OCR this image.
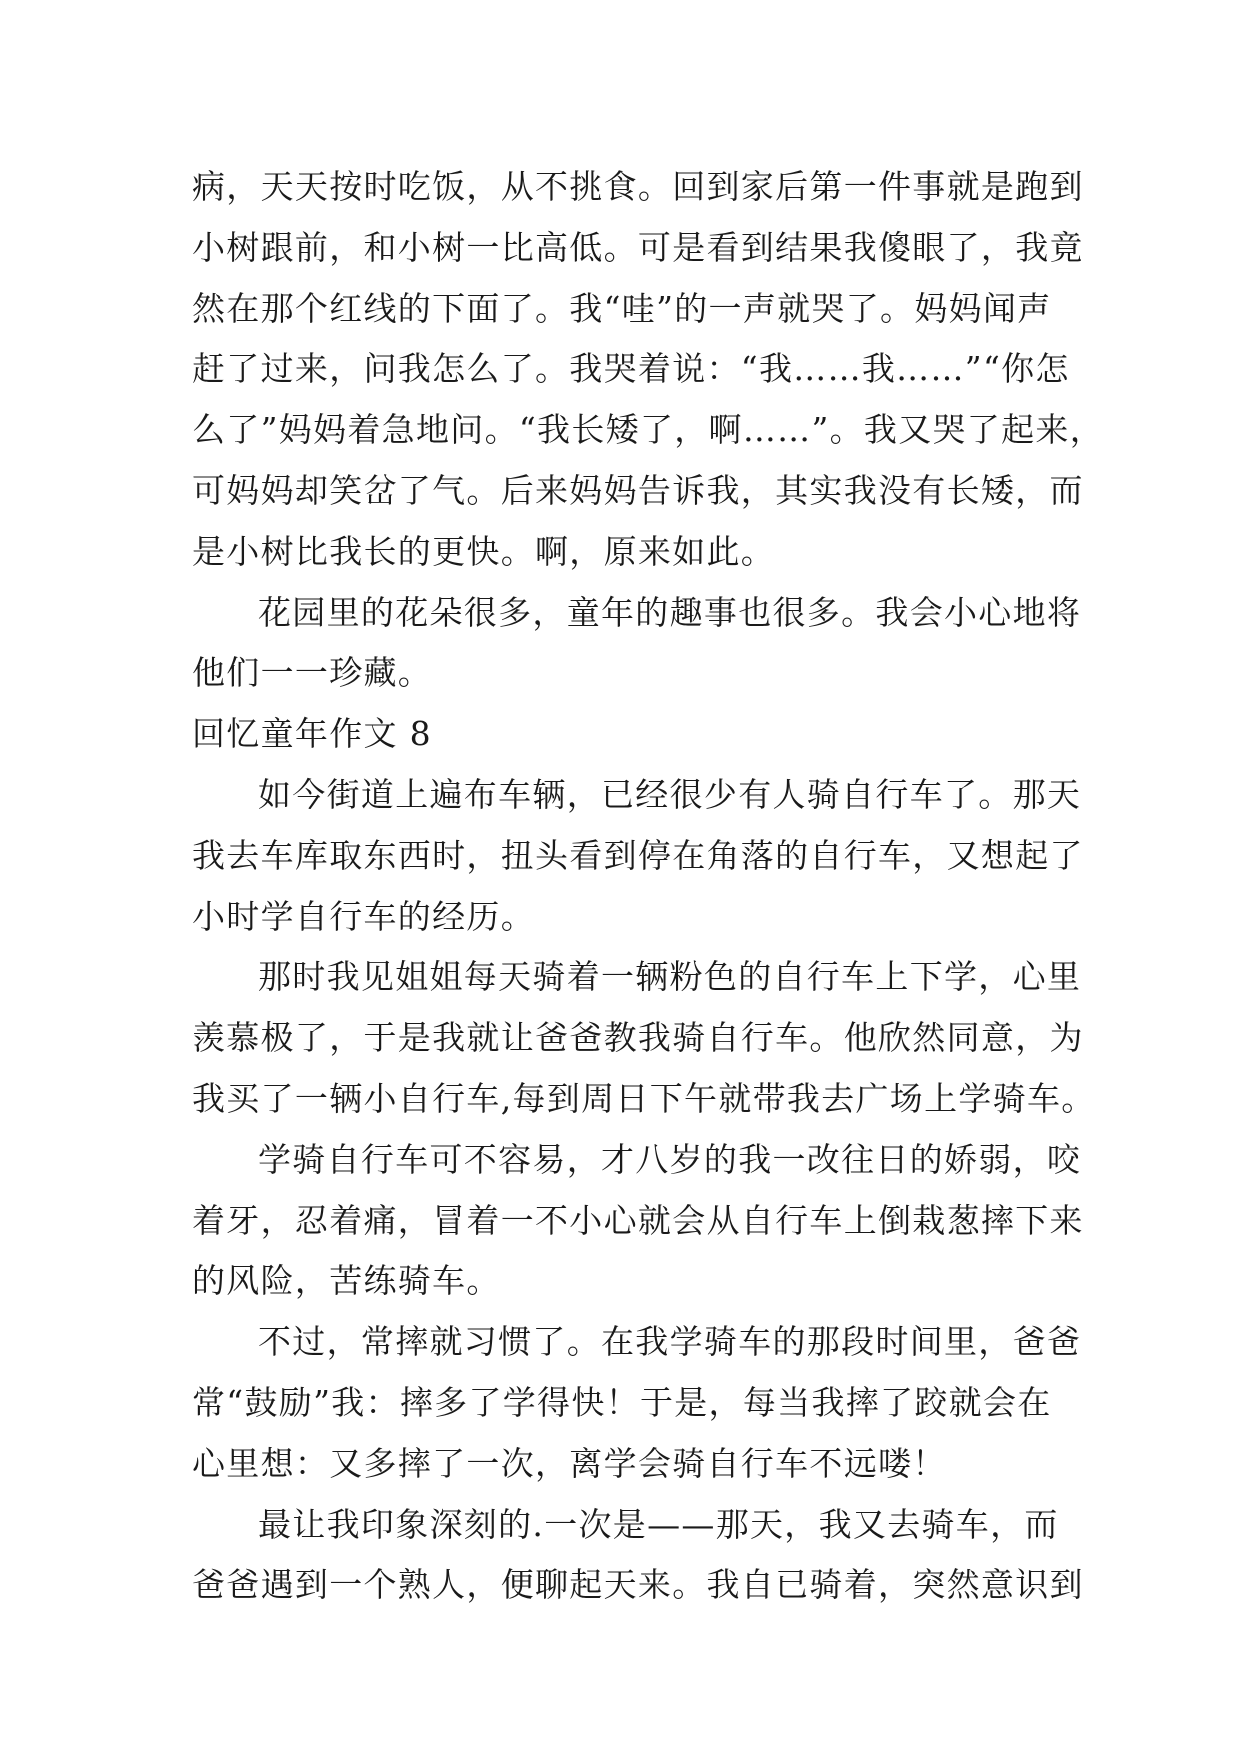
病，天天按时吃饭，从不挑食。回到家后第一件事就是跑到
小树跟前，和小树一比高低。可是看到结果我傻眼了，我竟
然在那个红线的下面了。我“哇”的一声就哭了。妈妈闻声
赶了过来，问我怎么了。我哭着说：“我……我……”“你怎
么了”妈妈着急地问。“我长矮了，啊……”。我又哭了起来，
可妈妈却笑岔了气。后来妈妈告诉我，其实我没有长矮，而
是小树比我长的更快。啊，原来如此。
花园里的花朵很多，童年的趣事也很多。我会小心地将
他们一一珍藏。
回忆童年作文 8
如今街道上遍布车辆，已经很少有人骑自行车了。那天
我去车库取东西时，扭头看到停在角落的自行车，又想起了
小时学自行车的经历。
那时我见姐姐每天骑着一辆粉色的自行车上下学，心里
羡慕极了，于是我就让爸爸教我骑自行车。他欣然同意，为
我买了一辆小自行车,每到周日下午就带我去广场上学骑车。
学骑自行车可不容易，才八岁的我一改往日的娇弱，咬
着牙，忍着痛，冒着一不小心就会从自行车上倒栽葱摔下来
的风险，苦练骑车。
不过，常摔就习惯了。在我学骑车的那段时间里，爸爸
常“鼓励”我：摔多了学得快！于是，每当我摔了跤就会在
心里想：又多摔了一次，离学会骑自行车不远喽！
最让我印象深刻的.一次是——那天，我又去骑车，而
爸爸遇到一个熟人，便聊起天来。我自已骑着，突然意识到
